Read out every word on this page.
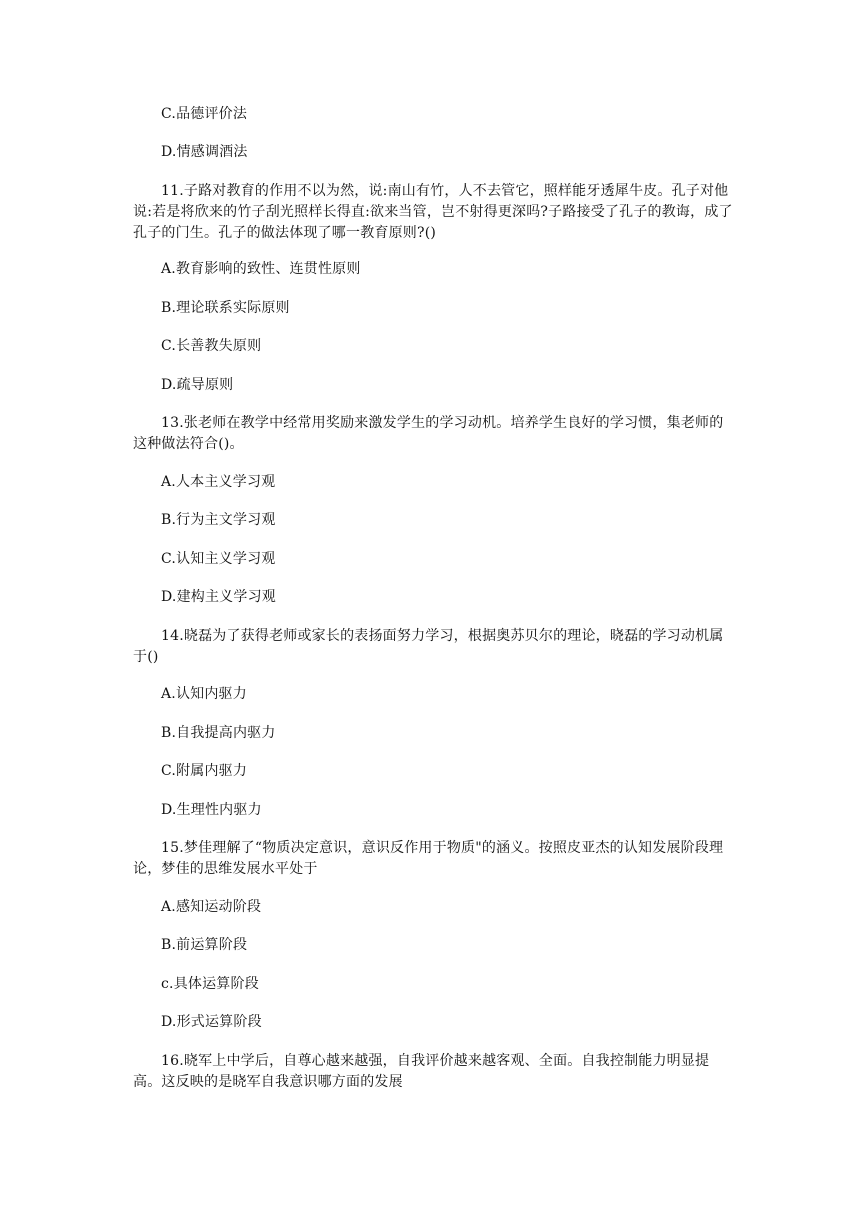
C.品德评价法

D.情感调酒法

11.子路对教育的作用不以为然，说:南山有竹，人不去管它，照样能牙透犀牛皮。孔子对他说:若是将欣来的竹子刮光照样长得直:欲来当管，岂不射得更深吗?子路接受了孔子的教诲，成了孔子的门生。孔子的做法体现了哪一教育原则?()

A.教育影响的致性、连贯性原则

B.理论联系实际原则

C.长善教失原则

D.疏导原则

13.张老师在教学中经常用奖励来激发学生的学习动机。培养学生良好的学习惯，集老师的这种做法符合()。

A.人本主义学习观

B.行为主文学习观

C.认知主义学习观

D.建构主义学习观

14.晓磊为了获得老师或家长的表扬面努力学习，根据奥苏贝尔的理论，晓磊的学习动机属于()

A.认知内驱力

B.自我提高内驱力

C.附属内驱力

D.生理性内驱力

15.梦佳理解了“物质决定意识，意识反作用于物质"的涵义。按照皮亚杰的认知发展阶段理论，梦佳的思维发展水平处于

A.感知运动阶段

B.前运算阶段

c.具体运算阶段

D.形式运算阶段

16.晓军上中学后，自尊心越来越强，自我评价越来越客观、全面。自我控制能力明显提高。这反映的是晓军自我意识哪方面的发展
